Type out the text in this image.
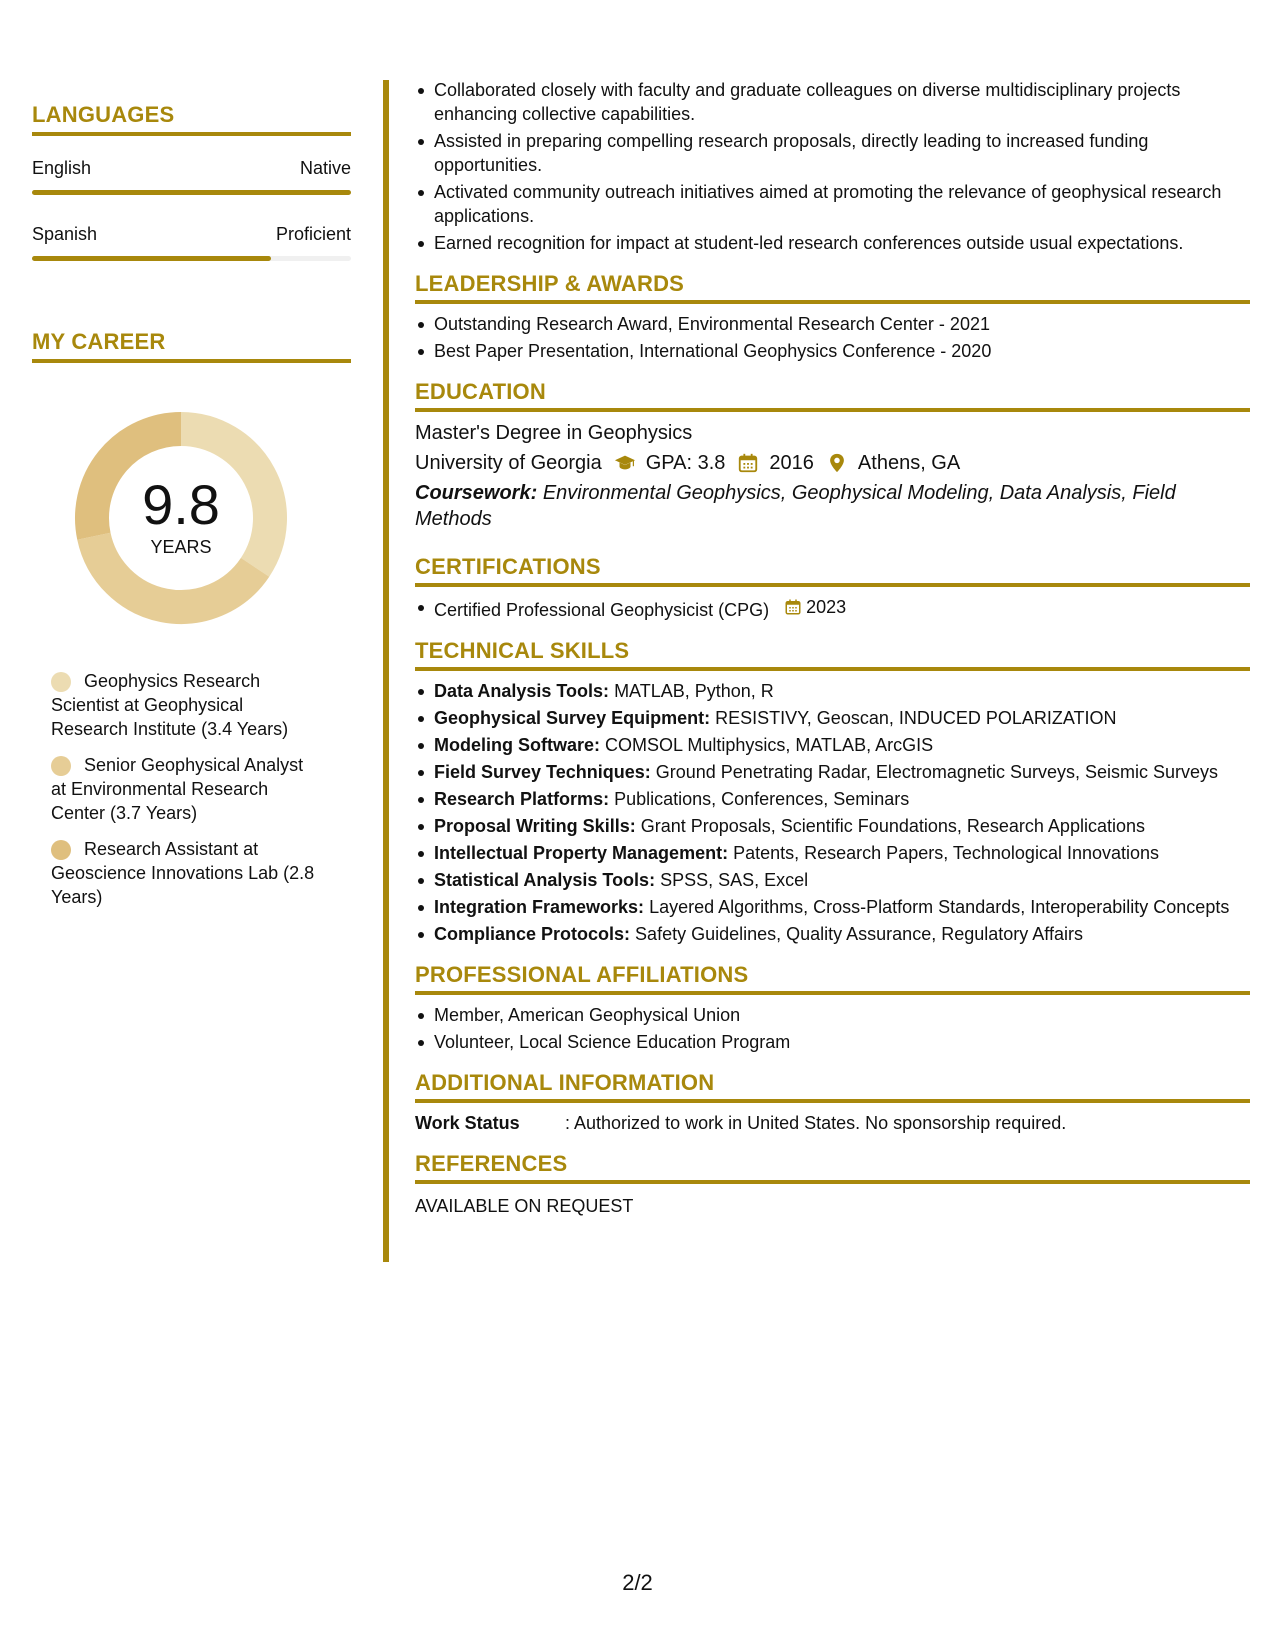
LANGUAGES
English	Native
Spanish	Proficient
MY CAREER
9.8
YEARS
Geophysics Research Scientist at Geophysical Research Institute (3.4 Years)
Senior Geophysical Analyst at Environmental Research Center (3.7 Years)
Research Assistant at Geoscience Innovations Lab (2.8 Years)
Collaborated closely with faculty and graduate colleagues on diverse multidisciplinary projects enhancing collective capabilities.
Assisted in preparing compelling research proposals, directly leading to increased funding opportunities.
Activated community outreach initiatives aimed at promoting the relevance of geophysical research applications.
Earned recognition for impact at student-led research conferences outside usual expectations.
LEADERSHIP & AWARDS
Outstanding Research Award, Environmental Research Center - 2021
Best Paper Presentation, International Geophysics Conference - 2020
EDUCATION
Master's Degree in Geophysics
University of Georgia GPA: 3.8 2016 Athens, GA
Coursework: Environmental Geophysics, Geophysical Modeling, Data Analysis, Field Methods
CERTIFICATIONS
Certified Professional Geophysicist (CPG) 2023
TECHNICAL SKILLS
Data Analysis Tools: MATLAB, Python, R
Geophysical Survey Equipment: RESISTIVY, Geoscan, INDUCED POLARIZATION
Modeling Software: COMSOL Multiphysics, MATLAB, ArcGIS
Field Survey Techniques: Ground Penetrating Radar, Electromagnetic Surveys, Seismic Surveys
Research Platforms: Publications, Conferences, Seminars
Proposal Writing Skills: Grant Proposals, Scientific Foundations, Research Applications
Intellectual Property Management: Patents, Research Papers, Technological Innovations
Statistical Analysis Tools: SPSS, SAS, Excel
Integration Frameworks: Layered Algorithms, Cross-Platform Standards, Interoperability Concepts
Compliance Protocols: Safety Guidelines, Quality Assurance, Regulatory Affairs
PROFESSIONAL AFFILIATIONS
Member, American Geophysical Union
Volunteer, Local Science Education Program
ADDITIONAL INFORMATION
Work Status	: Authorized to work in United States. No sponsorship required.
REFERENCES
AVAILABLE ON REQUEST
2/2
